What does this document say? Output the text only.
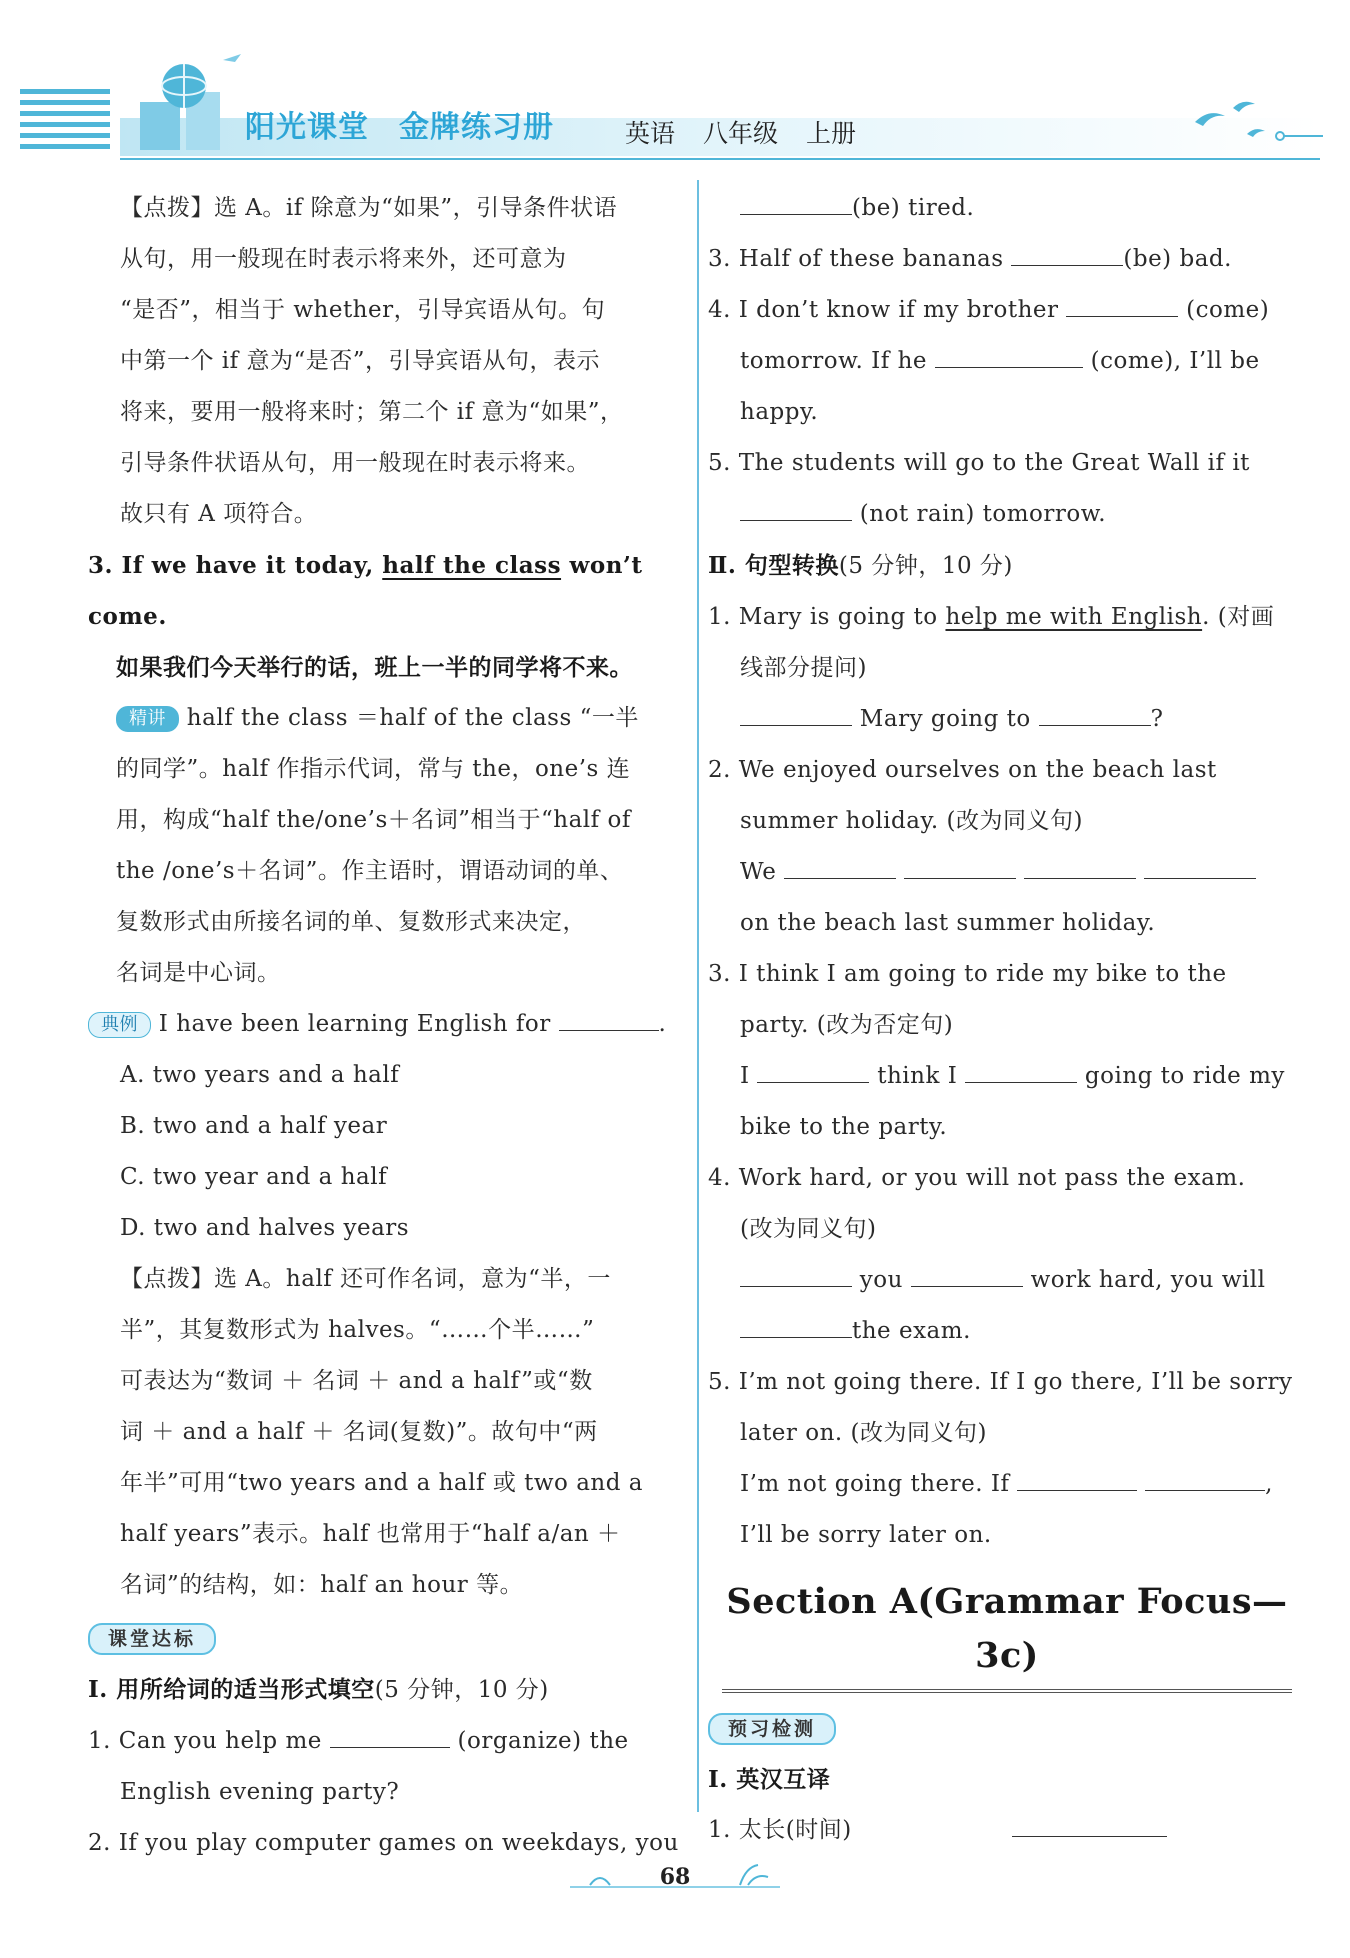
阳光课堂 金牌练习册	英语 八年级 上册

【点拨】选 A。if 除意为“如果”，引导条件状语

从句，用一般现在时表示将来外，还可意为

“是否”，相当于 whether，引导宾语从句。句

中第一个 if 意为“是否”，引导宾语从句，表示

将来，要用一般将来时；第二个 if 意为“如果”，

引导条件状语从句，用一般现在时表示将来。

故只有 A 项符合。

3. If we have it today, half the class won’t come.

如果我们今天举行的话，班上一半的同学将不来。

精讲 half the class ＝half of the class “一半

的同学”。half 作指示代词，常与 the，one’s 连

用，构成“half the/one’s＋名词”相当于“half of

the /one’s＋名词”。作主语时，谓语动词的单、

复数形式由所接名词的单、复数形式来决定，

名词是中心词。

典例 I have been learning English for	.

A. two years and a half

B. two and a half year

C. two year and a half

D. two and halves years

【点拨】选 A。half 还可作名词，意为“半，一

半”，其复数形式为 halves。“……个半……”

可表达为“数词 ＋ 名词 ＋ and a half”或“数

词 ＋ and a half ＋ 名词(复数)”。故句中“两

年半”可用“two years and a half 或 two and a

half years”表示。half 也常用于“half a/an ＋

名词”的结构，如：half an hour 等。

课堂达标

Ⅰ. 用所给词的适当形式填空(5 分钟，10 分)

1. Can you help me	(organize) the

English evening party?

2. If you play computer games on weekdays, you

(be) tired.

3. Half of these bananas	(be) bad.

4. I don’t know if my brother	(come)

tomorrow. If he	(come), I’ll be

happy.

5. The students will go to the Great Wall if it

(not rain) tomorrow.

Ⅱ. 句型转换(5 分钟，10 分)

1. Mary is going to help me with English. (对画

线部分提问)

Mary going to	?

2. We enjoyed ourselves on the beach last

summer holiday. (改为同义句)

We

on the beach last summer holiday.

3. I think I am going to ride my bike to the

party. (改为否定句)

I	think I	going to ride my

bike to the party.

4. Work hard, or you will not pass the exam.

(改为同义句)

you	work hard, you will

the exam.

5. I’m not going there. If I go there, I’ll be sorry

later on. (改为同义句)

I’m not going there. If	,

I’ll be sorry later on.

Section A(Grammar Focus—3c)

预习检测

Ⅰ. 英汉互译

1. 太长(时间)

68
